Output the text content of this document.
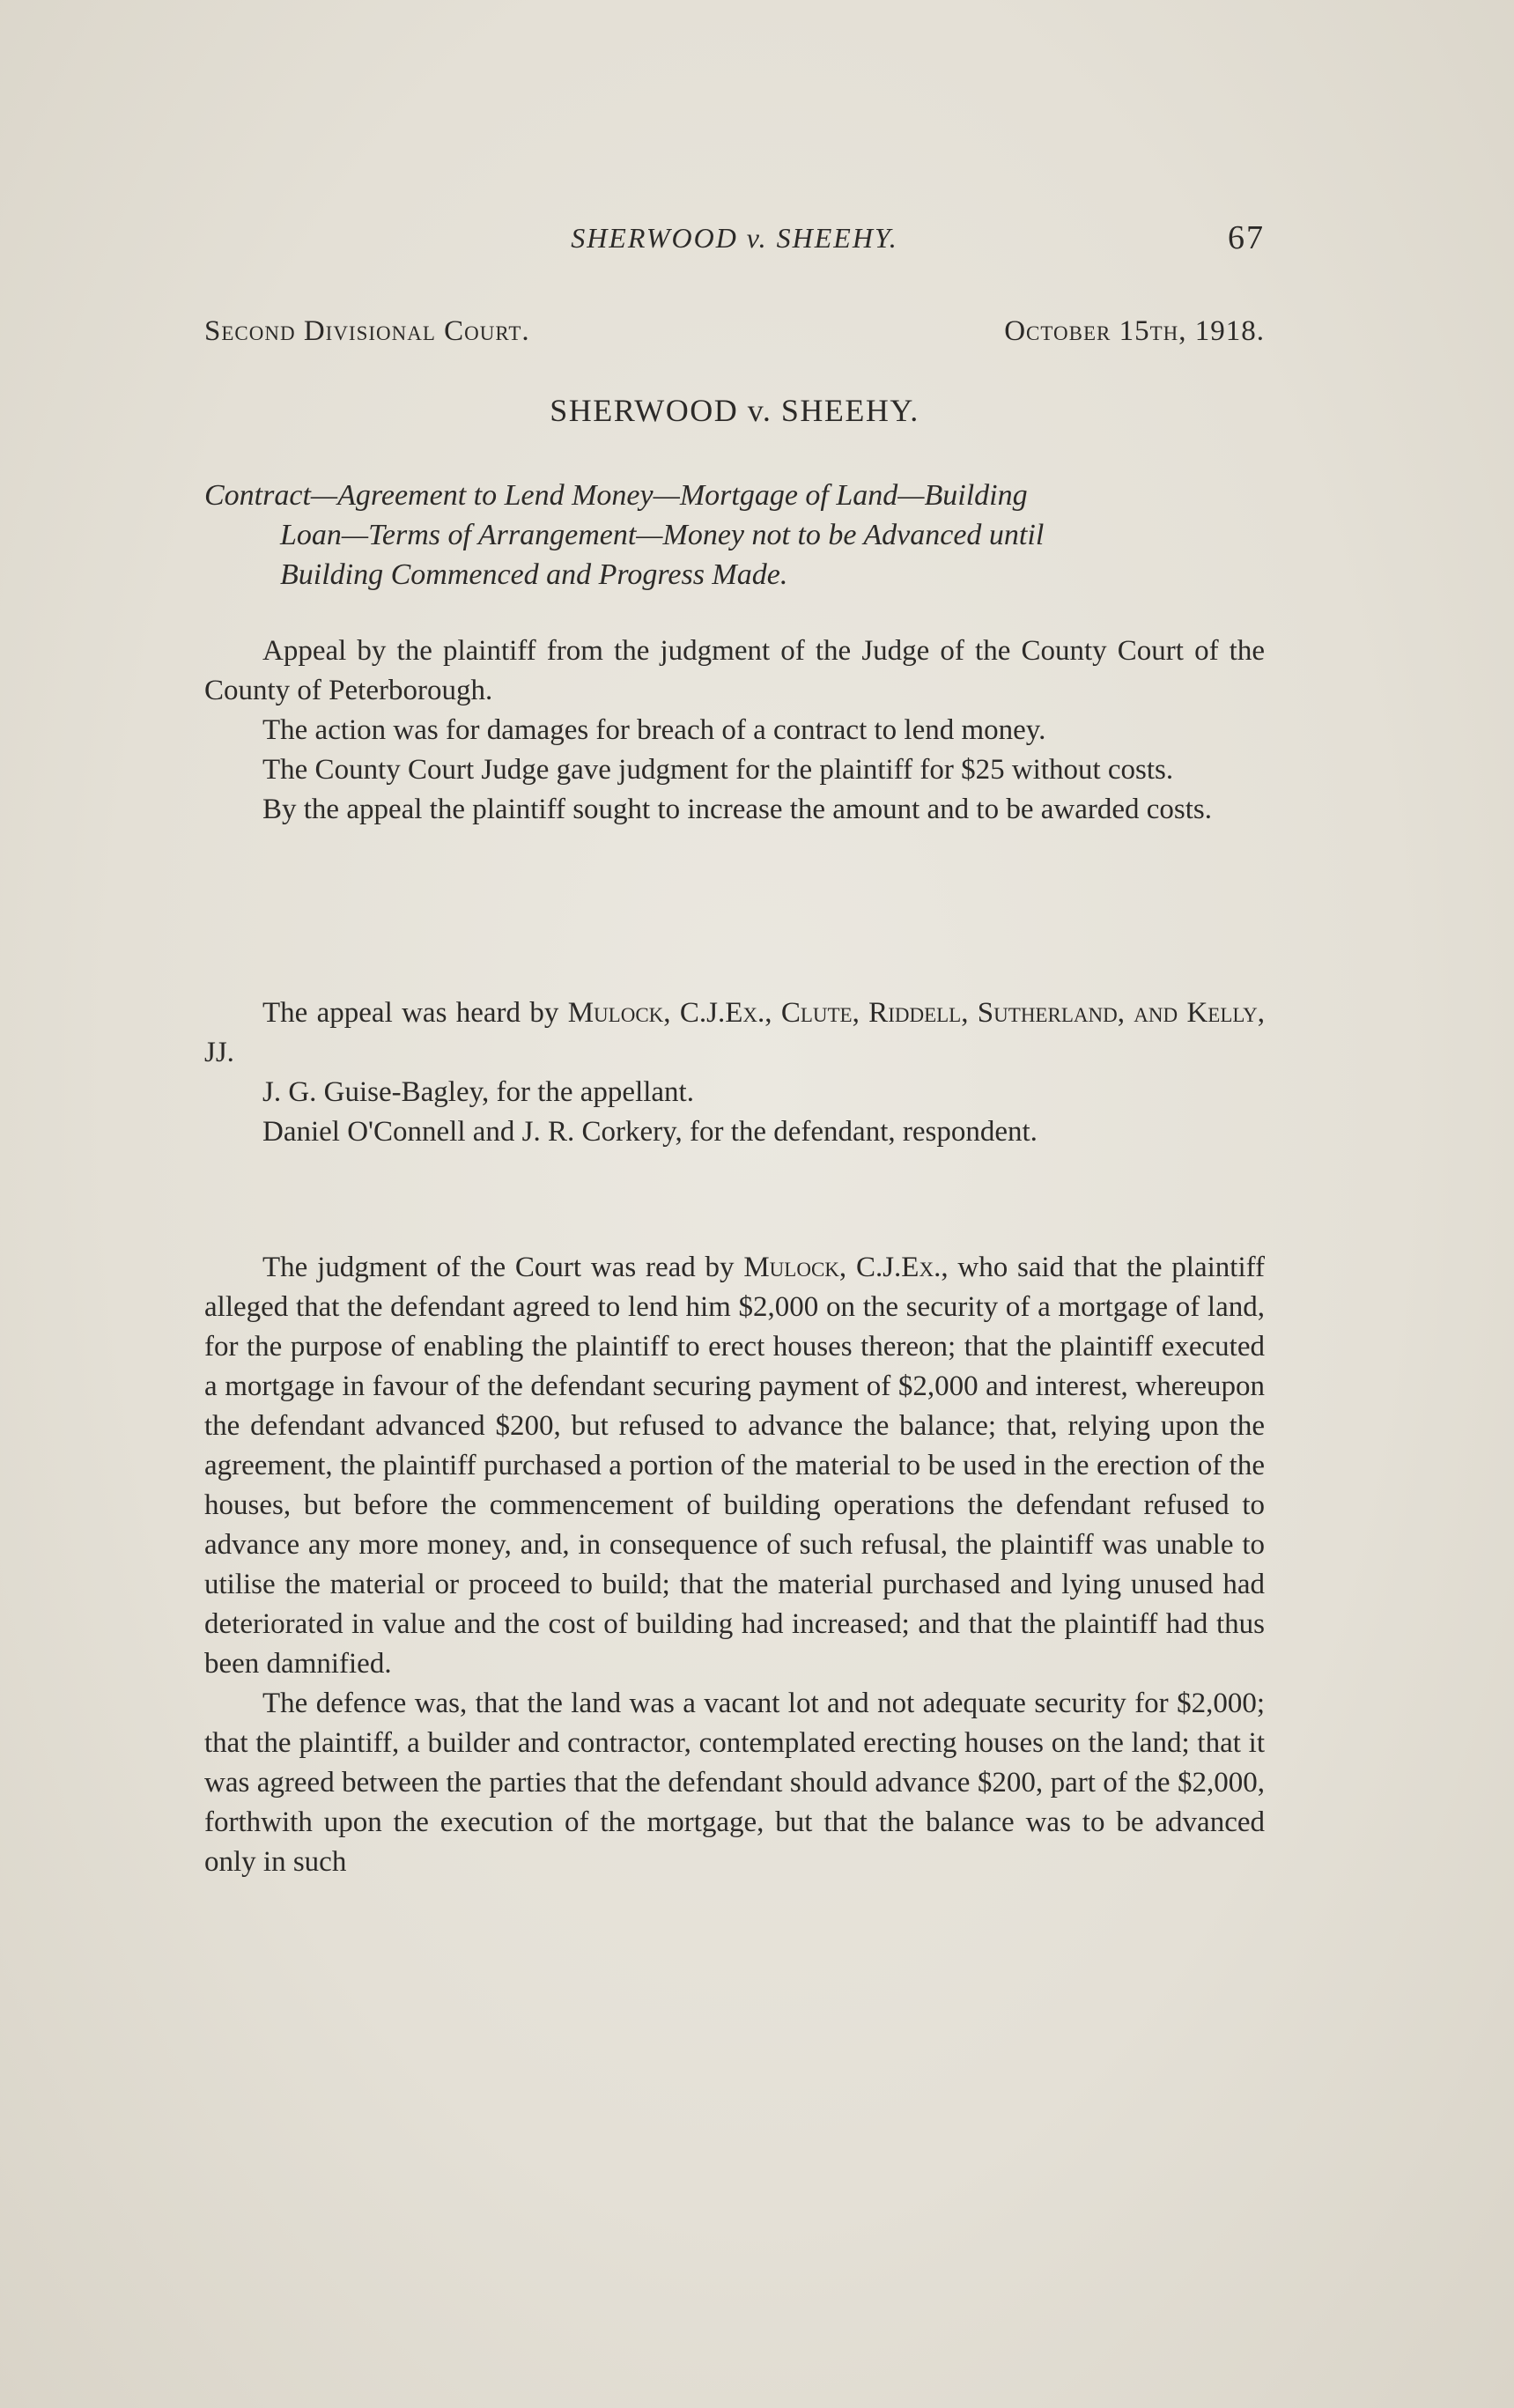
SHERWOOD v. SHEEHY.	67
Second Divisional Court.	October 15th, 1918.
SHERWOOD v. SHEEHY.
Contract—Agreement to Lend Money—Mortgage of Land—Building
Loan—Terms of Arrangement—Money not to be Advanced until
Building Commenced and Progress Made.

Appeal by the plaintiff from the judgment of the Judge of the County Court of the County of Peterborough.

The action was for damages for breach of a contract to lend money.

The County Court Judge gave judgment for the plaintiff for $25 without costs.

By the appeal the plaintiff sought to increase the amount and to be awarded costs.

The appeal was heard by Mulock, C.J.Ex., Clute, Riddell, Sutherland, and Kelly, JJ.

J. G. Guise-Bagley, for the appellant.

Daniel O'Connell and J. R. Corkery, for the defendant, respondent.

The judgment of the Court was read by Mulock, C.J.Ex., who said that the plaintiff alleged that the defendant agreed to lend him $2,000 on the security of a mortgage of land, for the purpose of enabling the plaintiff to erect houses thereon; that the plaintiff executed a mortgage in favour of the defendant securing payment of $2,000 and interest, whereupon the defendant advanced $200, but refused to advance the balance; that, relying upon the agreement, the plaintiff purchased a portion of the material to be used in the erection of the houses, but before the commencement of building operations the defendant refused to advance any more money, and, in consequence of such refusal, the plaintiff was unable to utilise the material or proceed to build; that the material purchased and lying unused had deteriorated in value and the cost of building had increased; and that the plaintiff had thus been damnified.

The defence was, that the land was a vacant lot and not adequate security for $2,000; that the plaintiff, a builder and contractor, contemplated erecting houses on the land; that it was agreed between the parties that the defendant should advance $200, part of the $2,000, forthwith upon the execution of the mortgage, but that the balance was to be advanced only in such
